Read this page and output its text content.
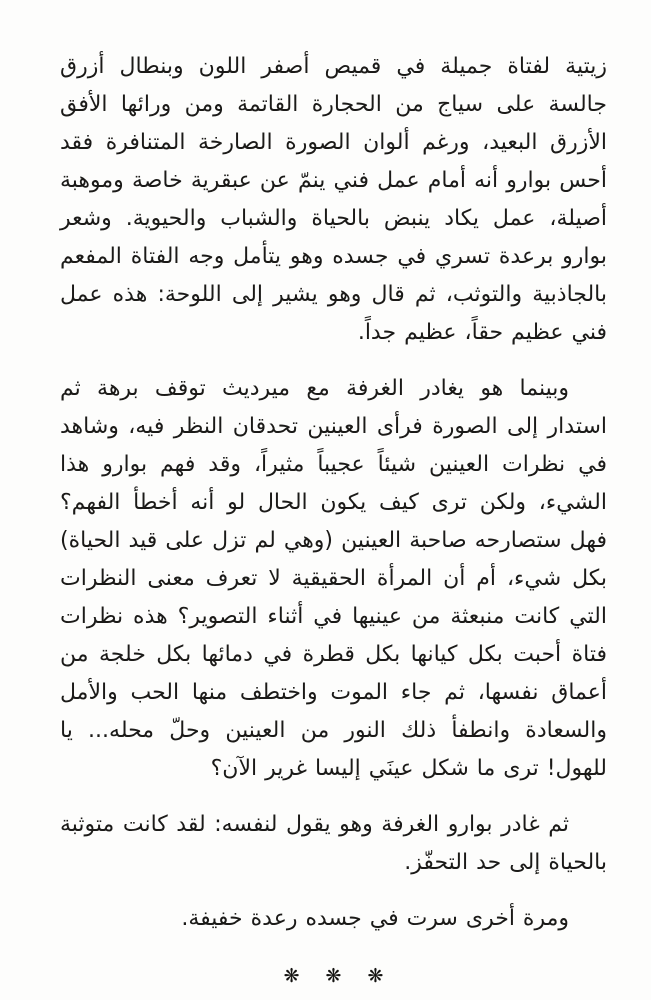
زيتية لفتاة جميلة في قميص أصفر اللون وبنطال أزرق جالسة على سياج من الحجارة القاتمة ومن ورائها الأفق الأزرق البعيد، ورغم ألوان الصورة الصارخة المتنافرة فقد أحس بوارو أنه أمام عمل فني ينمّ عن عبقرية خاصة وموهبة أصيلة، عمل يكاد ينبض بالحياة والشباب والحيوية. وشعر بوارو برعدة تسري في جسده وهو يتأمل وجه الفتاة المفعم بالجاذبية والتوثب، ثم قال وهو يشير إلى اللوحة: هذه عمل فني عظيم حقاً، عظيم جداً.

وبينما هو يغادر الغرفة مع ميرديث توقف برهة ثم استدار إلى الصورة فرأى العينين تحدقان النظر فيه، وشاهد في نظرات العينين شيئاً عجيباً مثيراً، وقد فهم بوارو هذا الشيء، ولكن ترى كيف يكون الحال لو أنه أخطأ الفهم؟ فهل ستصارحه صاحبة العينين (وهي لم تزل على قيد الحياة) بكل شيء، أم أن المرأة الحقيقية لا تعرف معنى النظرات التي كانت منبعثة من عينيها في أثناء التصوير؟ هذه نظرات فتاة أحبت بكل كيانها بكل قطرة في دمائها بكل خلجة من أعماق نفسها، ثم جاء الموت واختطف منها الحب والأمل والسعادة وانطفأ ذلك النور من العينين وحلّ محله... يا للهول! ترى ما شكل عينَي إليسا غرير الآن؟

ثم غادر بوارو الغرفة وهو يقول لنفسه: لقد كانت متوثبة بالحياة إلى حد التحفّز.

ومرة أخرى سرت في جسده رعدة خفيفة.

❋
❋
❋
